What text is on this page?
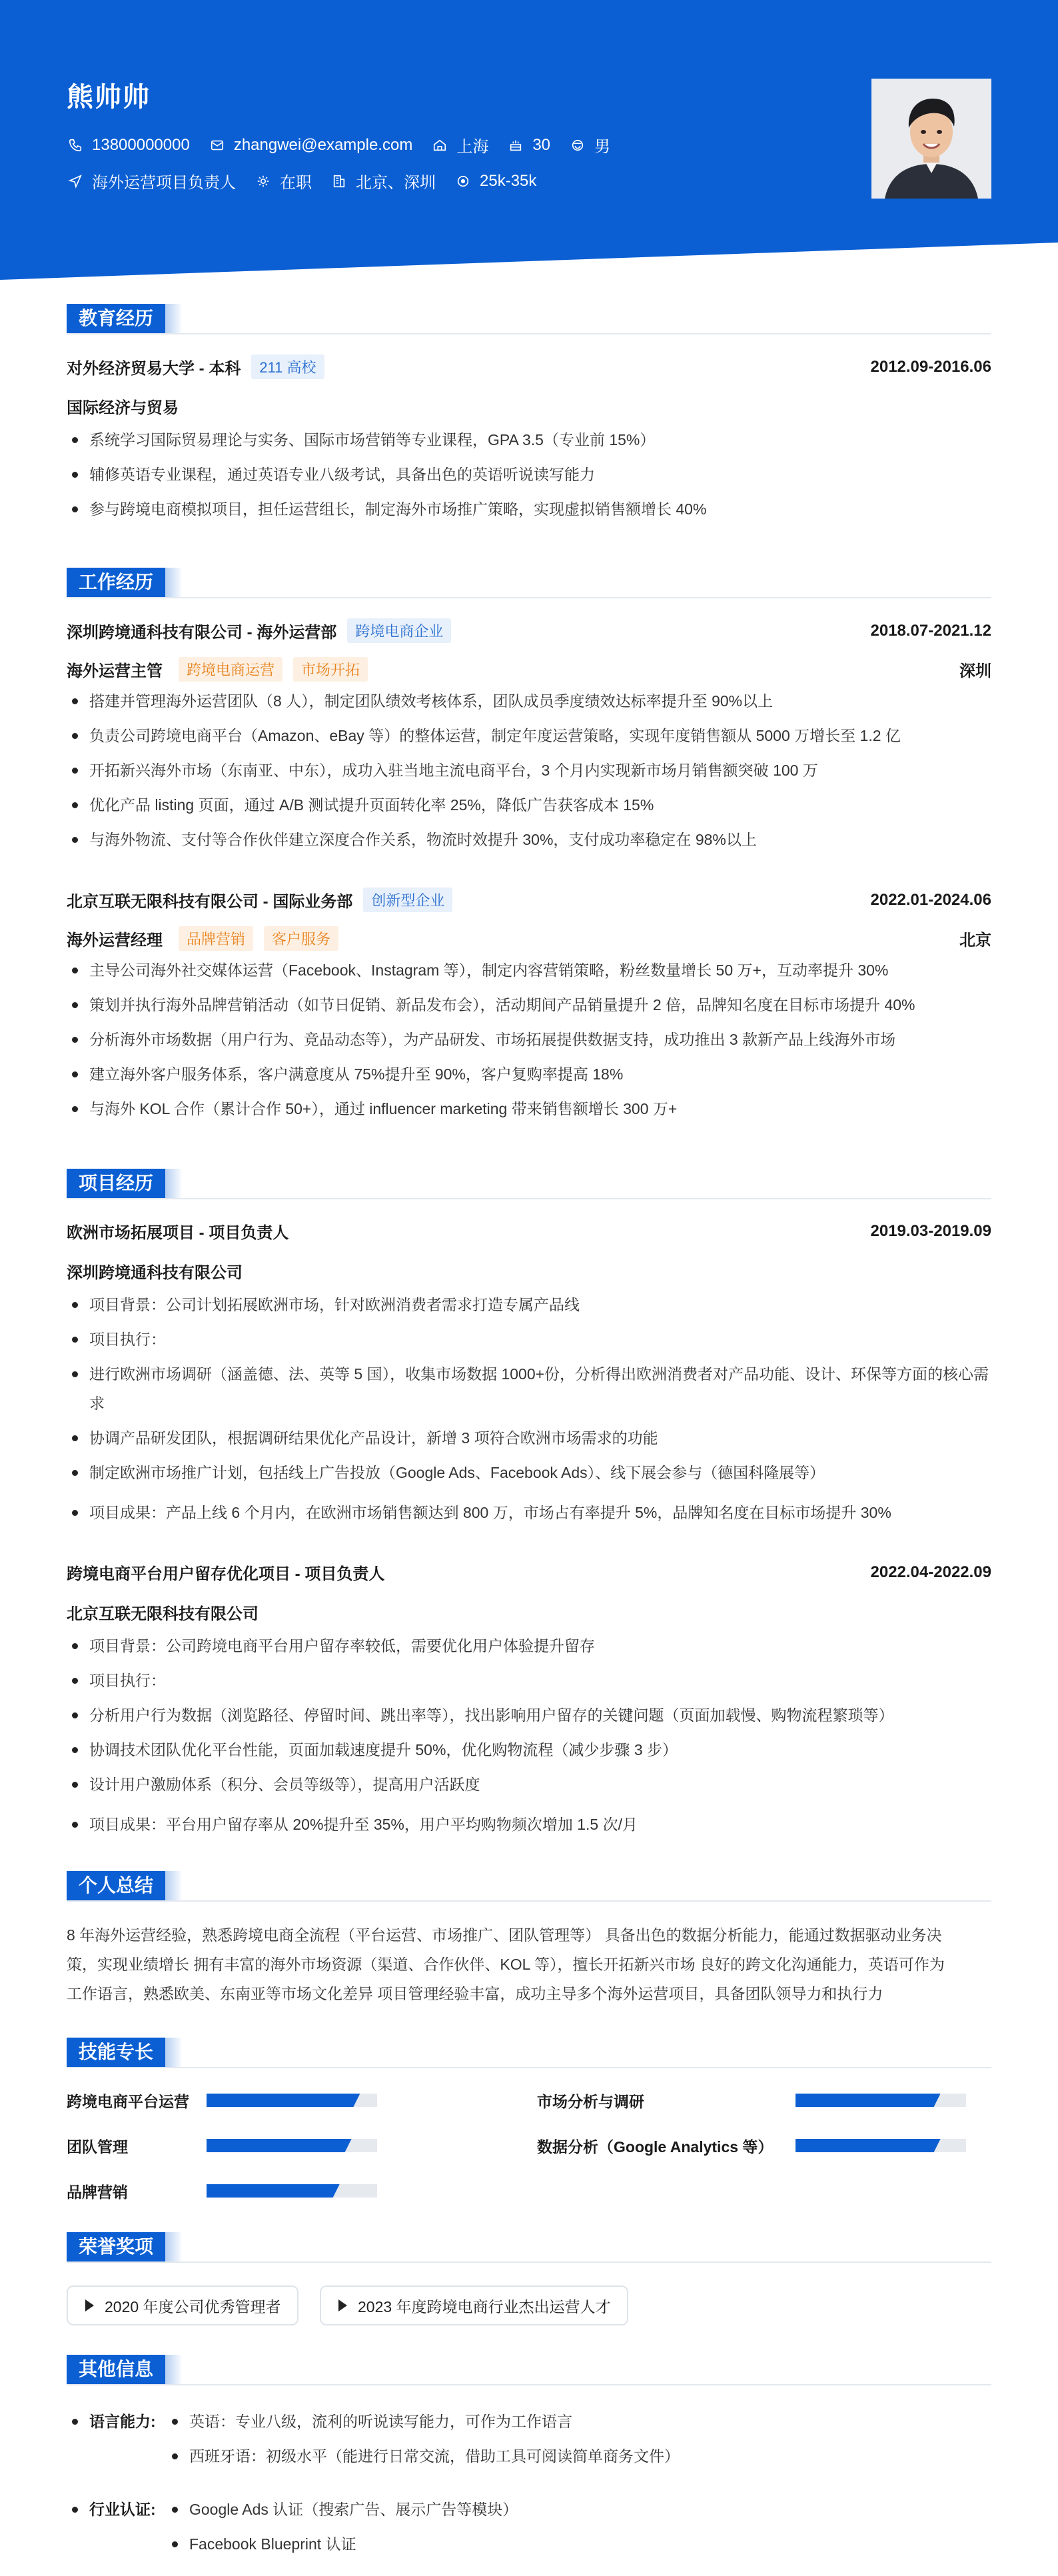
熊帅帅
13800000000	zhangwei@example.com	上海	30	男
海外运营项目负责人	在职	北京、深圳	25k-35k
教育经历
对外经济贸易大学 - 本科	211 高校	2012.09-2016.06
国际经济与贸易
系统学习国际贸易理论与实务、国际市场营销等专业课程，GPA 3.5（专业前 15%）
辅修英语专业课程，通过英语专业八级考试，具备出色的英语听说读写能力
参与跨境电商模拟项目，担任运营组长，制定海外市场推广策略，实现虚拟销售额增长 40%
工作经历
深圳跨境通科技有限公司 - 海外运营部	跨境电商企业	2018.07-2021.12
海外运营主管	跨境电商运营	市场开拓	深圳
搭建并管理海外运营团队（8 人），制定团队绩效考核体系，团队成员季度绩效达标率提升至 90%以上
负责公司跨境电商平台（Amazon、eBay 等）的整体运营，制定年度运营策略，实现年度销售额从 5000 万增长至 1.2 亿
开拓新兴海外市场（东南亚、中东），成功入驻当地主流电商平台，3 个月内实现新市场月销售额突破 100 万
优化产品 listing 页面，通过 A/B 测试提升页面转化率 25%，降低广告获客成本 15%
与海外物流、支付等合作伙伴建立深度合作关系，物流时效提升 30%，支付成功率稳定在 98%以上
北京互联无限科技有限公司 - 国际业务部	创新型企业	2022.01-2024.06
海外运营经理	品牌营销	客户服务	北京
主导公司海外社交媒体运营（Facebook、Instagram 等），制定内容营销策略，粉丝数量增长 50 万+，互动率提升 30%
策划并执行海外品牌营销活动（如节日促销、新品发布会），活动期间产品销量提升 2 倍，品牌知名度在目标市场提升 40%
分析海外市场数据（用户行为、竞品动态等），为产品研发、市场拓展提供数据支持，成功推出 3 款新产品上线海外市场
建立海外客户服务体系，客户满意度从 75%提升至 90%，客户复购率提高 18%
与海外 KOL 合作（累计合作 50+），通过 influencer marketing 带来销售额增长 300 万+
项目经历
欧洲市场拓展项目 - 项目负责人	2019.03-2019.09
深圳跨境通科技有限公司
项目背景：公司计划拓展欧洲市场，针对欧洲消费者需求打造专属产品线
项目执行：
进行欧洲市场调研（涵盖德、法、英等 5 国），收集市场数据 1000+份，分析得出欧洲消费者对产品功能、设计、环保等方面的核心需求
协调产品研发团队，根据调研结果优化产品设计，新增 3 项符合欧洲市场需求的功能
制定欧洲市场推广计划，包括线上广告投放（Google Ads、Facebook Ads）、线下展会参与（德国科隆展等）
项目成果：产品上线 6 个月内，在欧洲市场销售额达到 800 万，市场占有率提升 5%，品牌知名度在目标市场提升 30%
跨境电商平台用户留存优化项目 - 项目负责人	2022.04-2022.09
北京互联无限科技有限公司
项目背景：公司跨境电商平台用户留存率较低，需要优化用户体验提升留存
项目执行：
分析用户行为数据（浏览路径、停留时间、跳出率等），找出影响用户留存的关键问题（页面加载慢、购物流程繁琐等）
协调技术团队优化平台性能，页面加载速度提升 50%，优化购物流程（减少步骤 3 步）
设计用户激励体系（积分、会员等级等），提高用户活跃度
项目成果：平台用户留存率从 20%提升至 35%，用户平均购物频次增加 1.5 次/月
个人总结
8 年海外运营经验，熟悉跨境电商全流程（平台运营、市场推广、团队管理等） 具备出色的数据分析能力，能通过数据驱动业务决
策，实现业绩增长 拥有丰富的海外市场资源（渠道、合作伙伴、KOL 等），擅长开拓新兴市场 良好的跨文化沟通能力，英语可作为
工作语言，熟悉欧美、东南亚等市场文化差异 项目管理经验丰富，成功主导多个海外运营项目，具备团队领导力和执行力
技能专长
跨境电商平台运营	市场分析与调研
团队管理	数据分析（Google Analytics 等）
品牌营销
荣誉奖项
2020 年度公司优秀管理者	2023 年度跨境电商行业杰出运营人才
其他信息
语言能力:	英语：专业八级，流利的听说读写能力，可作为工作语言
西班牙语：初级水平（能进行日常交流，借助工具可阅读简单商务文件）
行业认证:	Google Ads 认证（搜索广告、展示广告等模块）
Facebook Blueprint 认证
